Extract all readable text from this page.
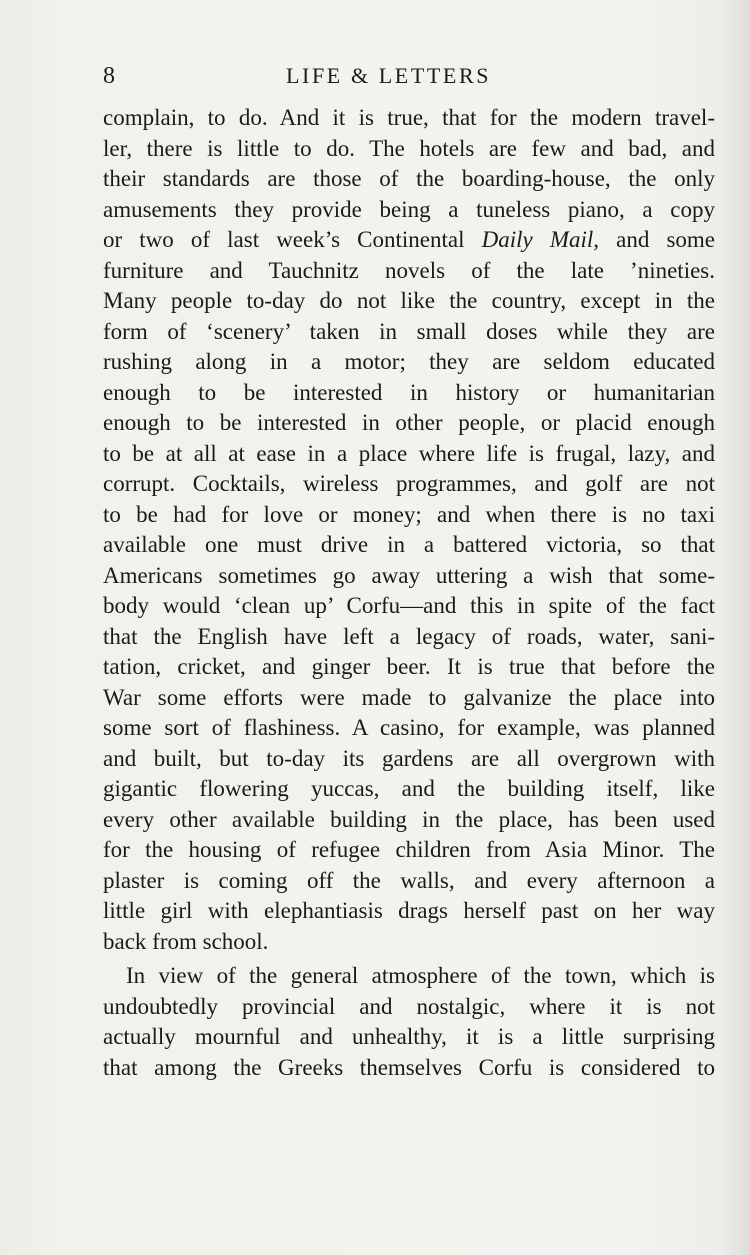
8	LIFE & LETTERS
complain, to do. And it is true, that for the modern travel-
ler, there is little to do. The hotels are few and bad, and
their standards are those of the boarding-house, the only
amusements they provide being a tuneless piano, a copy
or two of last week’s Continental Daily Mail, and some
furniture and Tauchnitz novels of the late ’nineties.
Many people to-day do not like the country, except in the
form of ‘scenery’ taken in small doses while they are
rushing along in a motor; they are seldom educated
enough to be interested in history or humanitarian
enough to be interested in other people, or placid enough
to be at all at ease in a place where life is frugal, lazy, and
corrupt. Cocktails, wireless programmes, and golf are not
to be had for love or money; and when there is no taxi
available one must drive in a battered victoria, so that
Americans sometimes go away uttering a wish that some-
body would ‘clean up’ Corfu—and this in spite of the fact
that the English have left a legacy of roads, water, sani-
tation, cricket, and ginger beer. It is true that before the
War some efforts were made to galvanize the place into
some sort of flashiness. A casino, for example, was planned
and built, but to-day its gardens are all overgrown with
gigantic flowering yuccas, and the building itself, like
every other available building in the place, has been used
for the housing of refugee children from Asia Minor. The
plaster is coming off the walls, and every afternoon a
little girl with elephantiasis drags herself past on her way
back from school.
In view of the general atmosphere of the town, which is
undoubtedly provincial and nostalgic, where it is not
actually mournful and unhealthy, it is a little surprising
that among the Greeks themselves Corfu is considered to
